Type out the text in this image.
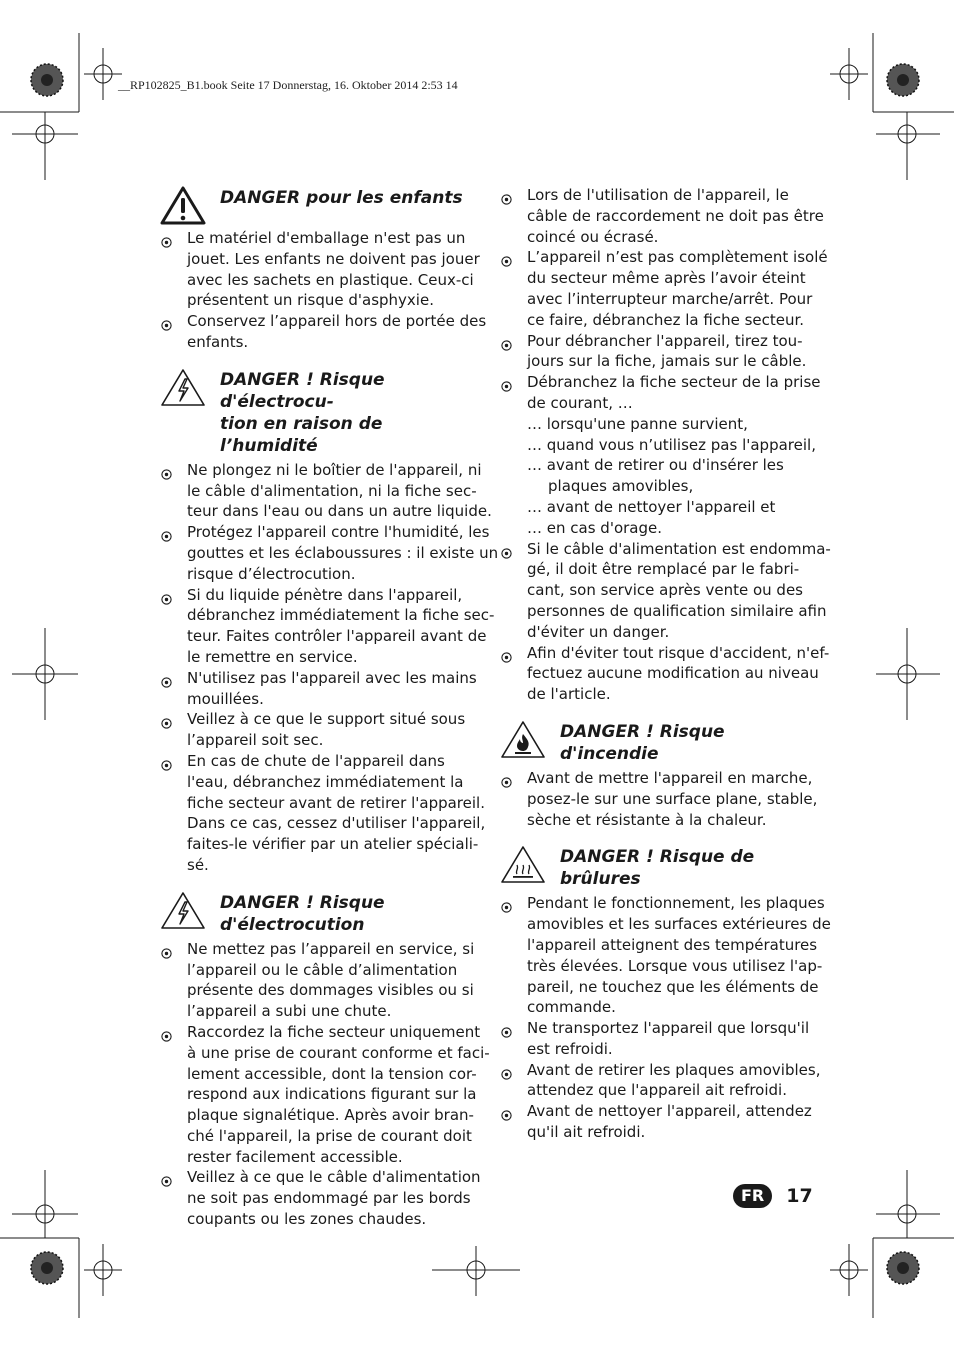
__RP102825_B1.book Seite 17 Donnerstag, 16. Oktober 2014 2:53 14

DANGER pour les enfants
Le matériel d'emballage n'est pas un
jouet. Les enfants ne doivent pas jouer
avec les sachets en plastique. Ceux-ci
présentent un risque d'asphyxie.
Conservez l’appareil hors de portée des
enfants.
DANGER ! Risque d'électrocu-
tion en raison de l’humidité
Ne plongez ni le boîtier de l'appareil, ni
le câble d'alimentation, ni la fiche sec-
teur dans l'eau ou dans un autre liquide.
Protégez l'appareil contre l'humidité, les
gouttes et les éclaboussures : il existe un
risque d’électrocution.
Si du liquide pénètre dans l'appareil,
débranchez immédiatement la fiche sec-
teur. Faites contrôler l'appareil avant de
le remettre en service.
N'utilisez pas l'appareil avec les mains
mouillées.
Veillez à ce que le support situé sous
l’appareil soit sec.
En cas de chute de l'appareil dans
l'eau, débranchez immédiatement la
fiche secteur avant de retirer l'appareil.
Dans ce cas, cessez d'utiliser l'appareil,
faites-le vérifier par un atelier spéciali-
sé.
DANGER ! Risque
d'électrocution
Ne mettez pas l’appareil en service, si
l’appareil ou le câble d’alimentation
présente des dommages visibles ou si
l’appareil a subi une chute.
Raccordez la fiche secteur uniquement
à une prise de courant conforme et faci-
lement accessible, dont la tension cor-
respond aux indications figurant sur la
plaque signalétique. Après avoir bran-
ché l'appareil, la prise de courant doit
rester facilement accessible.
Veillez à ce que le câble d'alimentation
ne soit pas endommagé par les bords
coupants ou les zones chaudes.
Lors de l'utilisation de l'appareil, le
câble de raccordement ne doit pas être
coincé ou écrasé.
L’appareil n’est pas complètement isolé
du secteur même après l’avoir éteint
avec l’interrupteur marche/arrêt. Pour
ce faire, débranchez la fiche secteur.
Pour débrancher l'appareil, tirez tou-
jours sur la fiche, jamais sur le câble.
Débranchez la fiche secteur de la prise
de courant, …
… lorsqu'une panne survient,
… quand vous n’utilisez pas l'appareil,
… avant de retirer ou d'insérer les
plaques amovibles,
… avant de nettoyer l'appareil et
… en cas d'orage.
Si le câble d'alimentation est endomma-
gé, il doit être remplacé par le fabri-
cant, son service après vente ou des
personnes de qualification similaire afin
d'éviter un danger.
Afin d'éviter tout risque d'accident, n'ef-
fectuez aucune modification au niveau
de l'article.
DANGER ! Risque
d'incendie
Avant de mettre l'appareil en marche,
posez-le sur une surface plane, stable,
sèche et résistante à la chaleur.
DANGER ! Risque de
brûlures
Pendant le fonctionnement, les plaques
amovibles et les surfaces extérieures de
l'appareil atteignent des températures
très élevées. Lorsque vous utilisez l'ap-
pareil, ne touchez que les éléments de
commande.
Ne transportez l'appareil que lorsqu'il
est refroidi.
Avant de retirer les plaques amovibles,
attendez que l'appareil ait refroidi.
Avant de nettoyer l'appareil, attendez
qu'il ait refroidi.
FR	17
